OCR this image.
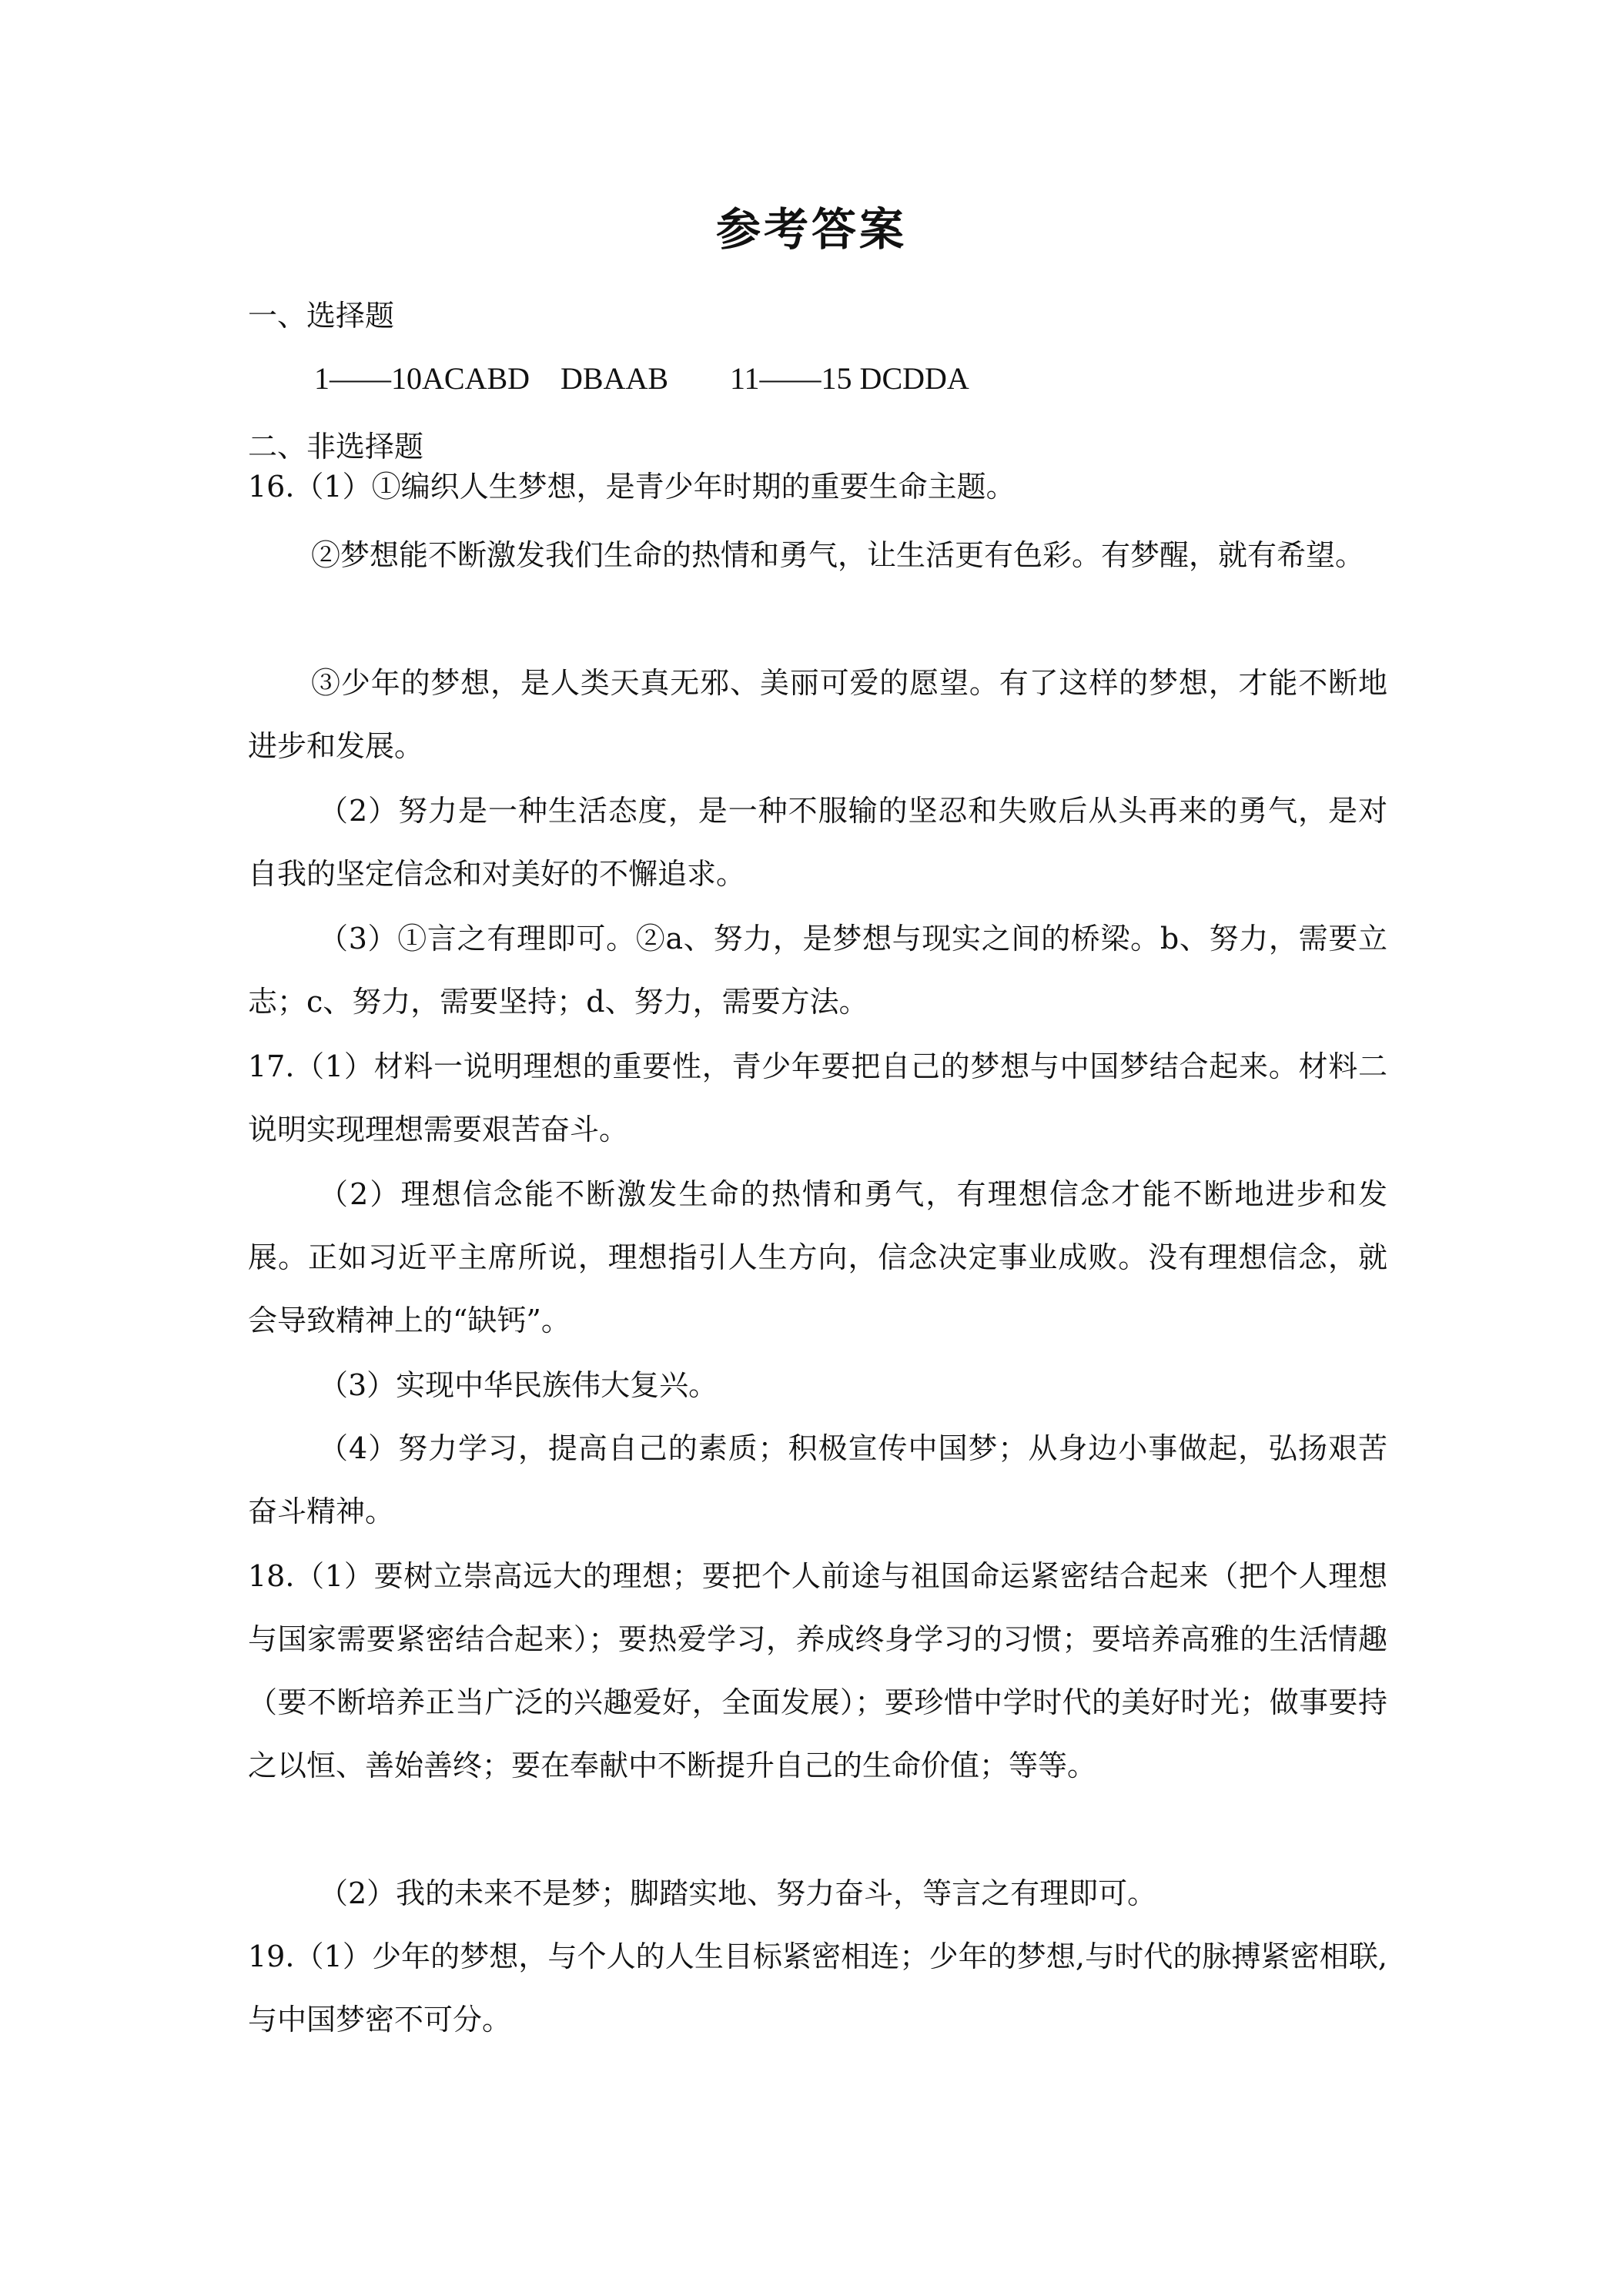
参考答案
一、选择题
1——10ACABD    DBAAB        11——15 DCDDA
二、非选择题
16.（1）①编织人生梦想，是青少年时期的重要生命主题。
②梦想能不断激发我们生命的热情和勇气，让生活更有色彩。有梦醒，就有希望。
③少年的梦想，是人类天真无邪、美丽可爱的愿望。有了这样的梦想，才能不断地进步和发展。
（2）努力是一种生活态度，是一种不服输的坚忍和失败后从头再来的勇气，是对自我的坚定信念和对美好的不懈追求。
（3）①言之有理即可。②a、努力，是梦想与现实之间的桥梁。b、努力，需要立志；c、努力，需要坚持；d、努力，需要方法。
17.（1）材料一说明理想的重要性，青少年要把自己的梦想与中国梦结合起来。材料二说明实现理想需要艰苦奋斗。
（2）理想信念能不断激发生命的热情和勇气，有理想信念才能不断地进步和发展。正如习近平主席所说，理想指引人生方向，信念决定事业成败。没有理想信念，就会导致精神上的“缺钙”。
（3）实现中华民族伟大复兴。
（4）努力学习，提高自己的素质；积极宣传中国梦；从身边小事做起，弘扬艰苦奋斗精神。
18.（1）要树立崇高远大的理想；要把个人前途与祖国命运紧密结合起来（把个人理想与国家需要紧密结合起来）；要热爱学习，养成终身学习的习惯；要培养高雅的生活情趣（要不断培养正当广泛的兴趣爱好，全面发展）；要珍惜中学时代的美好时光；做事要持之以恒、善始善终；要在奉献中不断提升自己的生命价值；等等。
（2）我的未来不是梦；脚踏实地、努力奋斗，等言之有理即可。
19.（1）少年的梦想，与个人的人生目标紧密相连；少年的梦想,与时代的脉搏紧密相联,与中国梦密不可分。
